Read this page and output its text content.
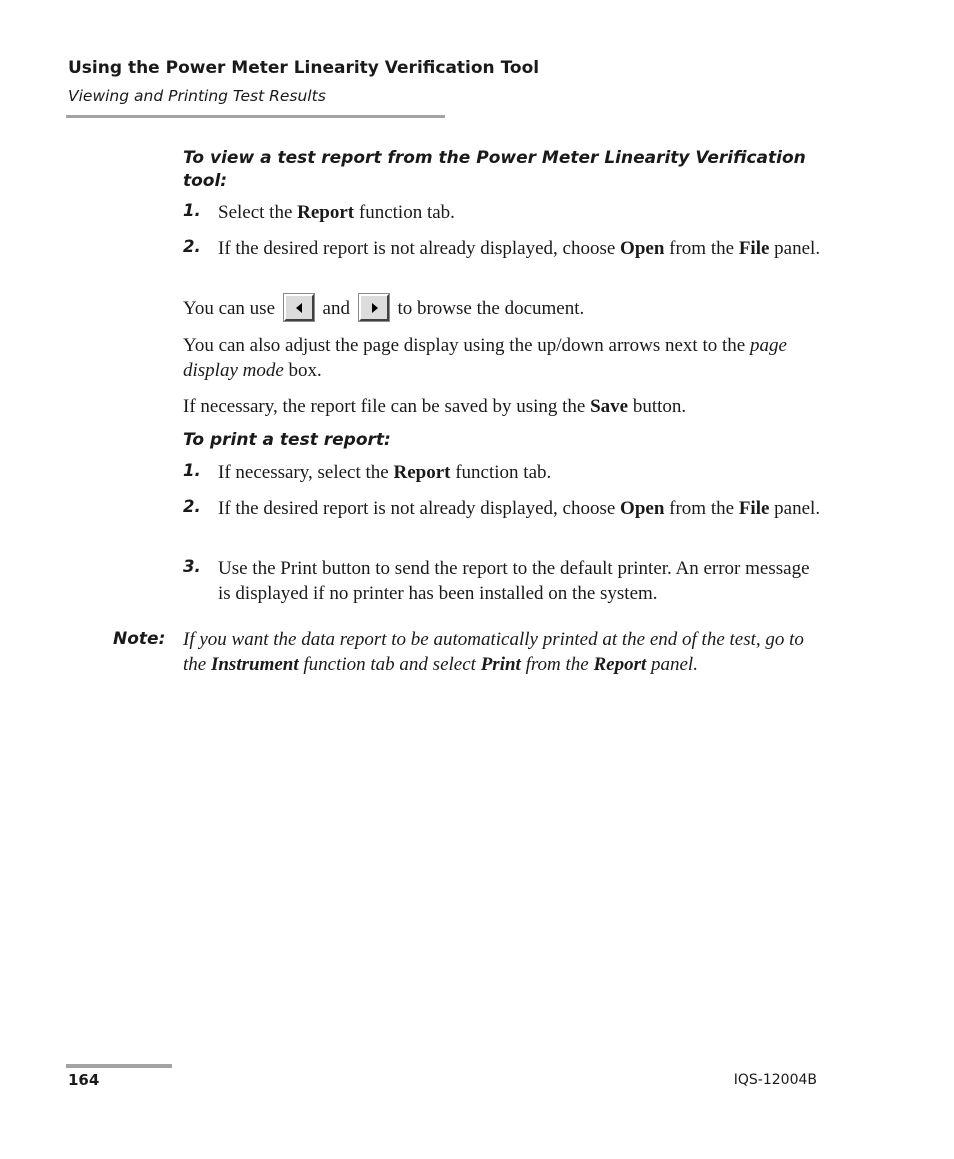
Using the Power Meter Linearity Verification Tool
Viewing and Printing Test Results
To view a test report from the Power Meter Linearity Verification tool:
1. Select the Report function tab.
2. If the desired report is not already displayed, choose Open from the File panel.
You can use	and	to browse the document.
You can also adjust the page display using the up/down arrows next to the page display mode box.
If necessary, the report file can be saved by using the Save button.
To print a test report:
1. If necessary, select the Report function tab.
2. If the desired report is not already displayed, choose Open from the File panel.
3. Use the Print button to send the report to the default printer. An error message is displayed if no printer has been installed on the system.
Note: If you want the data report to be automatically printed at the end of the test, go to the Instrument function tab and select Print from the Report panel.
164	IQS-12004B
